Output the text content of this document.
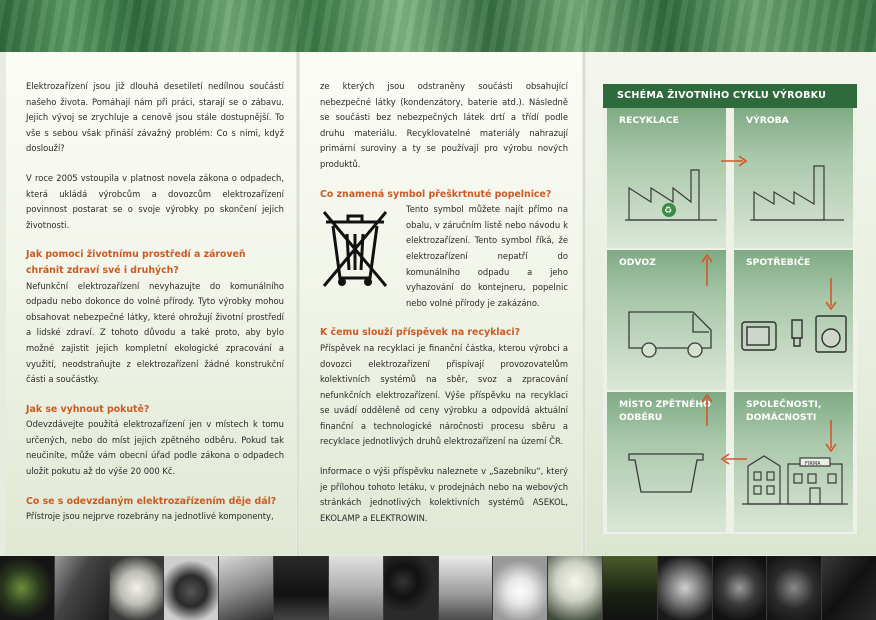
Elektrozařízení jsou již dlouhá desetiletí nedílnou součástí našeho života. Pomáhají nám při práci, starají se o zábavu. Jejich vývoj se zrychluje a cenově jsou stále dostupnější. To vše s sebou však přináší závažný problém: Co s nimi, když doslouží?

V roce 2005 vstoupila v platnost novela zákona o odpadech, která ukládá výrobcům a dovozcům elektrozařízení povinnost postarat se o svoje výrobky po skončení jejich životnosti.

Jak pomoci životnímu prostředí a zároveň chránit zdraví své i druhých?

Nefunkční elektrozařízení nevyhazujte do komunálního odpadu nebo dokonce do volné přírody. Tyto výrobky mohou obsahovat nebezpečné látky, které ohrožují životní prostředí a lidské zdraví. Z tohoto důvodu a také proto, aby bylo možné zajistit jejich kompletní ekologické zpracování a využití, neodstraňujte z elektrozařízení žádné konstrukční části a součástky.

Jak se vyhnout pokutě?

Odevzdávejte použitá elektrozařízení jen v místech k tomu určených, nebo do míst jejich zpětného odběru. Pokud tak neučiníte, může vám obecní úřad podle zákona o odpadech uložit pokutu až do výše 20 000 Kč.

Co se s odevzdaným elektrozařízením děje dál?

Přístroje jsou nejprve rozebrány na jednotlivé komponenty,

ze kterých jsou odstraněny součásti obsahující nebezpečné látky (kondenzátory, baterie atd.). Následně se součásti bez nebezpečných látek drtí a třídí podle druhu materiálu. Recyklovatelné materiály nahrazují primární suroviny a ty se používají pro výrobu nových produktů.

Co znamená symbol přeškrtnuté popelnice?

Tento symbol můžete najít přímo na obalu, v záručním listě nebo návodu k elektrozařízení. Tento symbol říká, že elektrozařízení nepatří do komunálního odpadu a jeho vyhazování do kontejneru, popelnic nebo volné přírody je zakázáno.

K čemu slouží příspěvek na recyklaci?

Příspěvek na recyklaci je finanční částka, kterou výrobci a dovozci elektrozařízení přispívají provozovatelům kolektivních systémů na sběr, svoz a zpracování nefunkčních elektrozařízení. Výše příspěvku na recyklaci se uvádí odděleně od ceny výrobku a odpovídá aktuální finanční a technologické náročnosti procesu sběru a recyklace jednotlivých druhů elektrozařízení na území ČR.

Informace o výši příspěvku naleznete v „Sazebníku“, který je přílohou tohoto letáku, v prodejnách nebo na webových stránkách jednotlivých kolektivních systémů ASEKOL, EKOLAMP a ELEKTROWIN.

SCHÉMA ŽIVOTNÍHO CYKLU VÝROBKU
RECYKLACE
♻
VÝROBA
ODVOZ	SPOTŘEBIČE
MÍSTO ZPĚTNÉHO ODBĚRU
SPOLEČNOSTI, DOMÁCNOSTI
FIRMA
